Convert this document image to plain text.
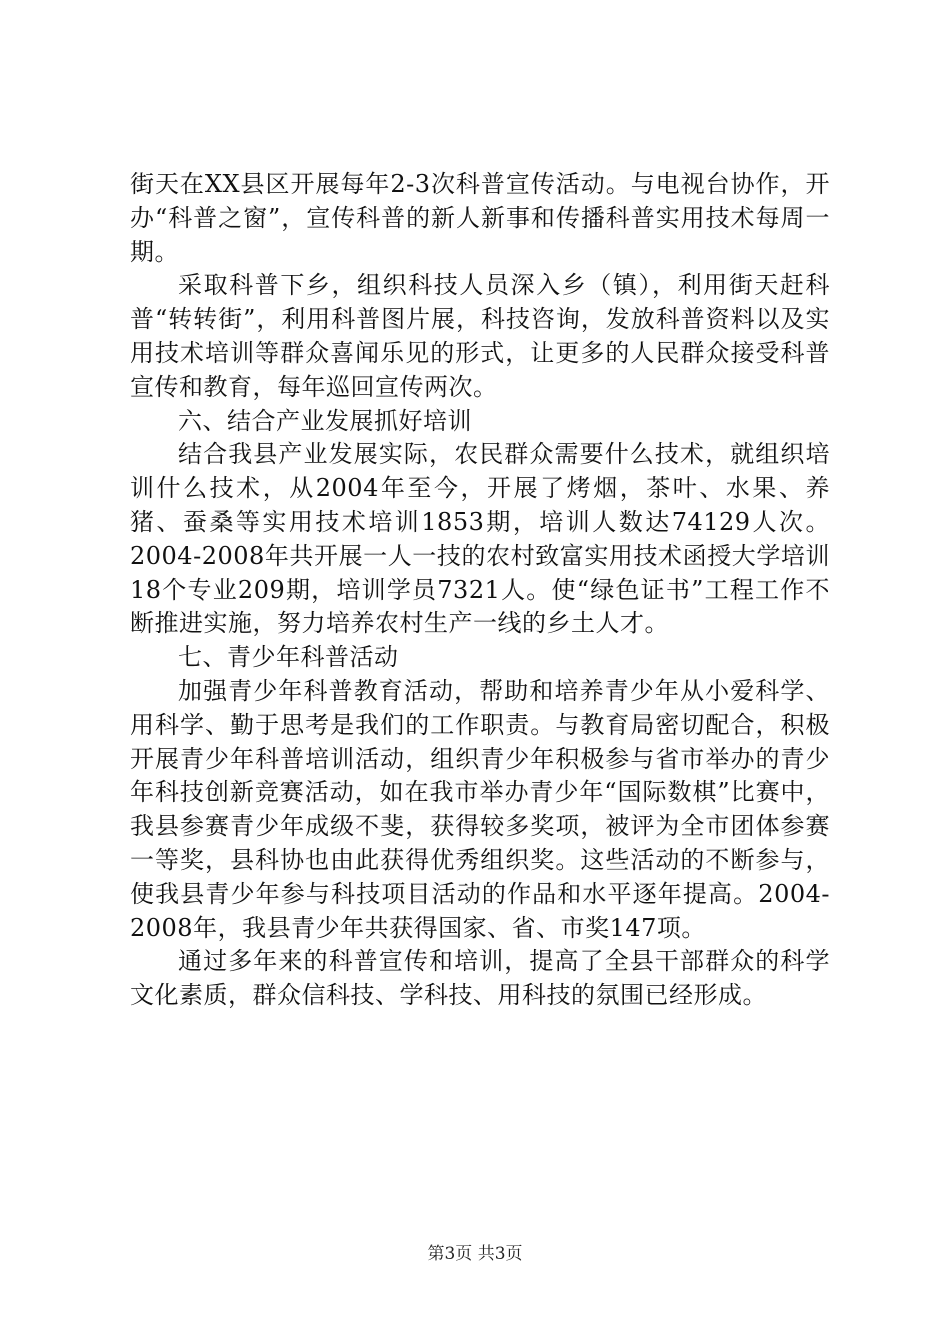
街天在XX县区开展每年2-3次科普宣传活动。与电视台协作，开办“科普之窗”，宣传科普的新人新事和传播科普实用技术每周一期。

采取科普下乡，组织科技人员深入乡（镇），利用街天赶科普“转转街”，利用科普图片展，科技咨询，发放科普资料以及实用技术培训等群众喜闻乐见的形式，让更多的人民群众接受科普宣传和教育，每年巡回宣传两次。

六、结合产业发展抓好培训

结合我县产业发展实际，农民群众需要什么技术，就组织培训什么技术，从2004年至今，开展了烤烟，茶叶、水果、养猪、蚕桑等实用技术培训1853期，培训人数达74129人次。2004-2008年共开展一人一技的农村致富实用技术函授大学培训18个专业209期，培训学员7321人。使“绿色证书”工程工作不断推进实施，努力培养农村生产一线的乡土人才。

七、青少年科普活动

加强青少年科普教育活动，帮助和培养青少年从小爱科学、用科学、勤于思考是我们的工作职责。与教育局密切配合，积极开展青少年科普培训活动，组织青少年积极参与省市举办的青少年科技创新竞赛活动，如在我市举办青少年“国际数棋”比赛中，我县参赛青少年成级不斐，获得较多奖项，被评为全市团体参赛一等奖，县科协也由此获得优秀组织奖。这些活动的不断参与，使我县青少年参与科技项目活动的作品和水平逐年提高。2004-2008年，我县青少年共获得国家、省、市奖147项。

通过多年来的科普宣传和培训，提高了全县干部群众的科学文化素质，群众信科技、学科技、用科技的氛围已经形成。

第3页 共3页
